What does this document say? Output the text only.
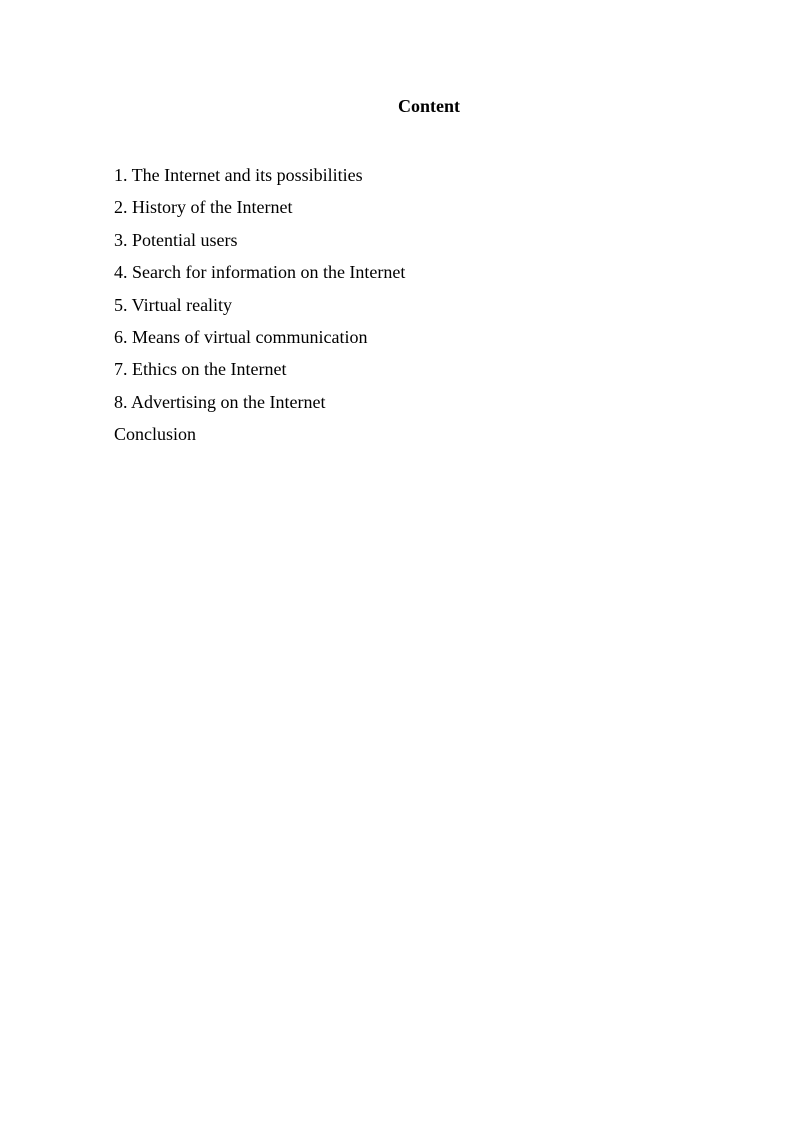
Content
1. The Internet and its possibilities
2. History of the Internet
3. Potential users
4. Search for information on the Internet
5. Virtual reality
6. Means of virtual communication
7. Ethics on the Internet
8. Advertising on the Internet
Conclusion
